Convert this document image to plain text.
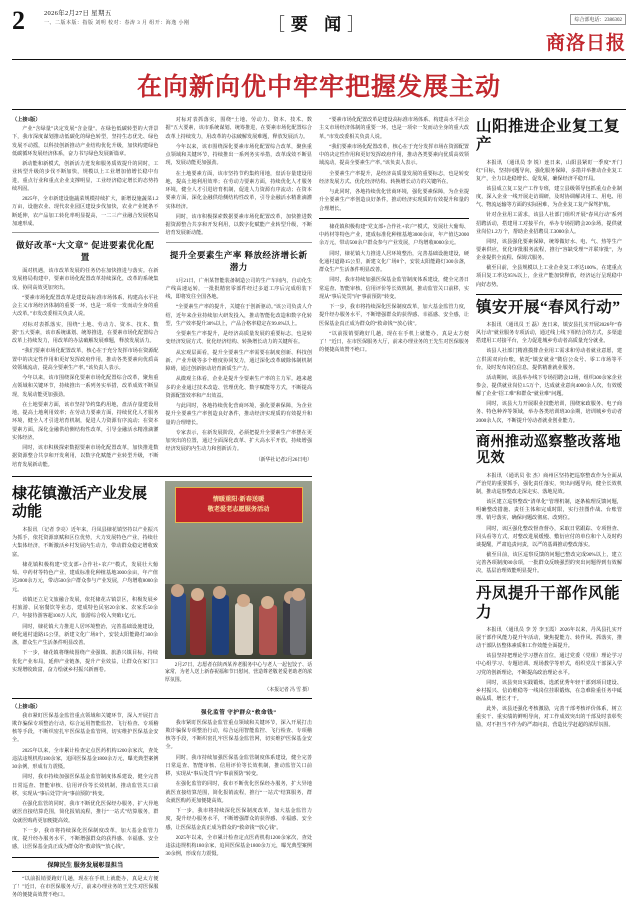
2	2026年2月27日 星期五
一、二版本版：指版 刘明 校对：春涛 3 月 组开：海逸 小刚	［要 闻］	综合部电话：2386302
商洛日报
在向新向优中牢牢把握发展主动

（上接1版）

产业“含绿量”决定发展“含金量”。在绿色低碳转型的大背景下，我市深度谋划推动低碳化的绿色转型，坚持生态优先、绿色发展不动摇，以科技创新推动产业结构优化升级，加快构建绿色低碳循环发展经济体系，奋力书写绿色发展新篇章。

新动能和新模式，创新活力迸发和服务质效提升的同时，工业转型升级的步伐不断加快，规模以上工业增加值增长稳中有进，重点行业和重点企业支撑明显，工业经济稳定增长的态势持续巩固。

2025年，全市新建设施蔬菜规模持续扩大，新增设施蔬菜1.2万亩，设施农业、现代农业园区建设步伐加快，农业产业链条不断延伸，农产品加工转化率明显提高，一二三产业融合发展格局加速形成。

做好改革“大文章” 促进要素优化配置

面对机遇，该市改革发展的任务仍在加快推进与落实。在新发展格局构建中，要素市场化配置改革持续深化，改革的系统集成、协同高效更加突出。

“要素市场化配置改革是建设高标准市场体系、构建高水平社会主义市场经济体制的重要一环，也是一项牵一发而动全身的重大改革。”市发改委相关负责人说。

对标对表抓落实，围绕“土地、劳动力、资本、技术、数据”五大要素，该市系统谋划、统筹推进，在要素市场化配置综合改革上持续发力，用改革的办法破解发展难题，释放发展活力。

“我们要素市场化配置改革，核心在于充分发挥市场在资源配置中的决定性作用和更好发挥政府作用，推动各类要素向优质高效领域流动，提高全要素生产率。”该负责人表示。

今年以来，该市围绕深化要素市场化配置综合改革，聚焦重点领域和关键环节，持续推出一系列务实举措，改革成效不断显现，发展动能更加强劲。

在土地要素方面，该市坚持节约集约用地，盘活存量建设用地，提高土地利用效率；在劳动力要素方面，持续优化人才服务环境，健全人才引进培育机制，促进人力资源有序流动；在资本要素方面，深化金融供给侧结构性改革，引导金融活水精准滴灌实体经济。

同时，该市积极探索数据要素市场化配置改革，加快推进数据资源整合共享和开发利用，以数字化赋能产业转型升级，不断培育发展新动能。

对标对表抓落实，围绕“土地、劳动力、资本、技术、数据”五大要素，该市系统谋划、统筹推进，在要素市场化配置综合改革上持续发力，用改革的办法破解发展难题，释放发展活力。

今年以来，该市围绕深化要素市场化配置综合改革，聚焦重点领域和关键环节，持续推出一系列务实举措，改革成效不断显现，发展动能更加强劲。

在土地要素方面，该市坚持节约集约用地，盘活存量建设用地，提高土地利用效率；在劳动力要素方面，持续优化人才服务环境，健全人才引进培育机制，促进人力资源有序流动；在资本要素方面，深化金融供给侧结构性改革，引导金融活水精准滴灌实体经济。

同时，该市积极探索数据要素市场化配置改革，加快推进数据资源整合共享和开发利用，以数字化赋能产业转型升级，不断培育发展新动能。

提升全要素生产率 释放经济增长新潜力

1月21日，广州某智能装备制造公司的生产车间内，自动化生产线高速运转，一批批精密零部件经过多道工序后完成组装下线，即将发往全国各地。

“全要素生产率的提升，关键在于创新驱动。”该公司负责人介绍，近年来企业持续加大研发投入，推动智能化改造和数字化转型，生产效率提升30%以上，产品合格率稳定在99.8%以上。

全要素生产率提升，是经济高质量发展的重要标志，也是转变经济发展方式、优化经济结构、转换增长动力的关键所在。

从宏观层面看，提升全要素生产率需要在制度创新、科技创新、产业升级等多个维度协同发力，通过深化改革破除体制机制障碍，通过创新驱动培育新质生产力。

从微观主体看，企业是提升全要素生产率的主力军。越来越多的企业通过技术改造、管理优化、数字赋能等方式，不断提高资源配置效率和产出效益。

与此同时，各地持续优化营商环境，强化要素保障，为企业提升全要素生产率创造良好条件，推动经济实现质的有效提升和量的合理增长。

专家表示，在新发展阶段，必须把提升全要素生产率摆在更加突出的位置，通过全面深化改革、扩大高水平开放，持续增强经济发展的内生动力和创新活力。

（新华社记者2月26日电）

棣花镇激活产业发展动能

本报讯 （记者 李亮）近年来，丹凤县棣花镇坚持以产业振兴为抓手，依托资源禀赋和区位优势，大力发展特色产业，持续壮大集体经济，不断激活乡村发展内生动力，带动群众稳定增收致富。

棣花镇积极构建“党支部+合作社+农户”模式，发展壮大葡萄、中药材等特色产业，建成标准化种植基地3000余亩，年产值达2000余万元，带动500余户群众参与产业发展，户均增收8000余元。

该镇还立足文旅融合发展，依托棣花古镇景区，积极发展乡村旅游、民宿餐饮等业态，建成特色民宿20余家、农家乐50余户，年接待游客超100万人次，旅游综合收入突破1亿元。

同时，棣花镇大力推进人居环境整治，完善基础设施建设，硬化通村道路15公里，新建文化广场8个，安装太阳能路灯300余盏，群众生产生活条件明显改善。

下一步，棣花镇将继续围绕产业强镇、旅游兴镇目标，持续优化产业布局，延伸产业链条，提升产业效益，让群众在家门口实现增收致富，奋力绘就乡村振兴新画卷。

情暖重阳·新春送暖
敬老爱老志愿服务活动

2月27日，志愿者在陕西某养老服务中心与老人一起包饺子、话家常，为老人送上新春祝福和节日慰问，营造尊老敬老爱老助老的浓厚氛围。

（本报记者 冯 雪 摄）

（上接1版）

我市紧盯医保基金监管重点领域和关键环节，深入开展打击欺诈骗保专项整治行动，综合运用智能监控、飞行检查、专项稽核等手段，不断织密扎牢医保基金监管网，切实维护医保基金安全。

2025年以来，全市累计检查定点医药机构1200余家次，查处违法违规机构180余家，追回医保基金1800余万元，曝光典型案例30余例，形成有力震慑。

同时，我市持续加强医保基金监管制度体系建设，健全完善日常巡查、智能审核、信用评价等长效机制，推动监管关口前移，实现从“事后处罚”向“事前预防”转变。

在强化监管的同时，我市不断优化医保经办服务，扩大异地就医直接结算范围，简化报销流程，推行“一站式”结算服务，群众就医购药更加便捷高效。

下一步，我市将持续深化医保制度改革，加大基金监管力度，提升经办服务水平，不断增强群众的获得感、幸福感、安全感，让医保基金真正成为群众的“救命钱”“放心钱”。

保障民生 服务发展彰显担当

“以前报销要跑好几趟，现在在手机上就能办，真是太方便了！”近日，在市医保服务大厅，前来办理业务的王先生对医保服务的便捷高效赞不绝口。

强化监管 守护群众“救命钱”

我市紧盯医保基金监管重点领域和关键环节，深入开展打击欺诈骗保专项整治行动，综合运用智能监控、飞行检查、专项稽核等手段，不断织密扎牢医保基金监管网，切实维护医保基金安全。

同时，我市持续加强医保基金监管制度体系建设，健全完善日常巡查、智能审核、信用评价等长效机制，推动监管关口前移，实现从“事后处罚”向“事前预防”转变。

在强化监管的同时，我市不断优化医保经办服务，扩大异地就医直接结算范围，简化报销流程，推行“一站式”结算服务，群众就医购药更加便捷高效。

下一步，我市将持续深化医保制度改革，加大基金监管力度，提升经办服务水平，不断增强群众的获得感、幸福感、安全感，让医保基金真正成为群众的“救命钱”“放心钱”。

2025年以来，全市累计检查定点医药机构1200余家次，查处违法违规机构180余家，追回医保基金1800余万元，曝光典型案例30余例，形成有力震慑。

“要素市场化配置改革是建设高标准市场体系、构建高水平社会主义市场经济体制的重要一环，也是一项牵一发而动全身的重大改革。”市发改委相关负责人说。

“我们要素市场化配置改革，核心在于充分发挥市场在资源配置中的决定性作用和更好发挥政府作用，推动各类要素向优质高效领域流动，提高全要素生产率。”该负责人表示。

全要素生产率提升，是经济高质量发展的重要标志，也是转变经济发展方式、优化经济结构、转换增长动力的关键所在。

与此同时，各地持续优化营商环境，强化要素保障，为企业提升全要素生产率创造良好条件，推动经济实现质的有效提升和量的合理增长。

棣花镇积极构建“党支部+合作社+农户”模式，发展壮大葡萄、中药材等特色产业，建成标准化种植基地3000余亩，年产值达2000余万元，带动500余户群众参与产业发展，户均增收8000余元。

同时，棣花镇大力推进人居环境整治，完善基础设施建设，硬化通村道路15公里，新建文化广场8个，安装太阳能路灯300余盏，群众生产生活条件明显改善。

同时，我市持续加强医保基金监管制度体系建设，健全完善日常巡查、智能审核、信用评价等长效机制，推动监管关口前移，实现从“事后处罚”向“事前预防”转变。

下一步，我市将持续深化医保制度改革，加大基金监管力度，提升经办服务水平，不断增强群众的获得感、幸福感、安全感，让医保基金真正成为群众的“救命钱”“放心钱”。

“以前报销要跑好几趟，现在在手机上就能办，真是太方便了！”近日，在市医保服务大厅，前来办理业务的王先生对医保服务的便捷高效赞不绝口。

山阳推进企业复工复产

本报讯 （通讯员 李 锐）连日来，山阳县紧盯一季度“开门红”目标，坚持问题导向，强化服务保障，多措并举推动企业复工复产，全力以赴稳增长、促发展，确保经济平稳开局。

该县成立复工复产工作专班，建立县级领导包抓重点企业制度，深入企业一线开展走访调研，及时协调解决用工、用电、用气、物流运输等方面的实际困难，为企业复工复产保驾护航。

针对企业用工需求，该县人社部门组织开展“春风行动”系列招聘活动，搭建用工对接平台，举办专场招聘会20余场，提供就业岗位1.2万个，帮助企业招聘员工3000余人。

同时，该县强化要素保障，统筹做好水、电、气、热等生产要素供应，优化审批服务流程，推行“容缺受理”“并联审批”，为企业提供全流程、保姆式服务。

截至目前，全县规模以上工业企业复工率达100%，在建重点项目复工率达95%以上，企业产能加快释放，经济运行呈现稳中向好态势。

镇安开展“春风行动”

本报讯 （通讯员 王 磊）连日来，镇安县扎实开展2026年“春风行动”就业服务专项活动，通过线上线下相结合的方式，多渠道搭建用工对接平台，全力促进城乡劳动者高质量充分就业。

该县人社部门精准摸排企业用工需求和劳动者就业意愿，建立供需双向台账，依托“镇安就业”微信公众号、零工市场等平台，及时发布岗位信息，提供精准就业服务。

活动期间，该县举办线下专场招聘会12场，组织300余家企业参会，提供就业岗位1.5万个，达成就业意向4000余人次，有效缓解了企业“招工难”和群众“就业难”问题。

同时，该县大力开展职业技能培训，围绕家政服务、电子商务、特色种养等领域，举办各类培训班30余期，培训城乡劳动者2000余人次，不断提升劳动者就业创业能力。

商州推动巡察整改落地见效

本报讯 （通讯员 张 杰）商州区坚持把巡察整改作为全面从严治党的重要抓手，强化责任落实，突出问题导向，健全长效机制，推动巡察整改走深走实、落地见效。

该区建立巡察整改“清单化”管理机制，逐条梳理反馈问题，明确整改措施、责任主体和完成时限，实行挂图作战、台账管理、销号落实，确保问题改彻底、改到位。

同时，该区强化整改督查督办，采取日常跟踪、专项督查、回头看等方式，对整改进展缓慢、敷衍应付的单位和个人及时约谈提醒，严肃追责问责，以严的基调推动整改落实。

截至目前，该区巡察反馈的问题已整改完成90%以上，建立完善各项制度80余项，一批群众反映强烈的突出问题得到有效解决，基层治理效能明显提升。

丹凤提升干部作风能力

本报讯 （通讯员 李 芳 李玉霞）2026年以来，丹凤县扎实开展干部作风能力提升年活动，聚焦提能力、转作风、抓落实，推动干部队伍整体素质和工作效能全面提升。

该县坚持把理论学习摆在首位，通过党委（党组）理论学习中心组学习、专题培训、现场教学等形式，组织党员干部深入学习党的创新理论，不断提高政治理论水平。

同时，该县突出实践锻炼，选派优秀年轻干部到项目建设、乡村振兴、信访维稳等一线岗位挂职锻炼，在急难险重任务中砥砺品质、增长才干。

此外，该县还强化考核激励，完善干部考核评价体系，树立重实干、重实绩的鲜明导向，对工作成效突出的干部及时表彰奖励，对不担当不作为的严肃问责，营造比学赶超的浓厚氛围。
